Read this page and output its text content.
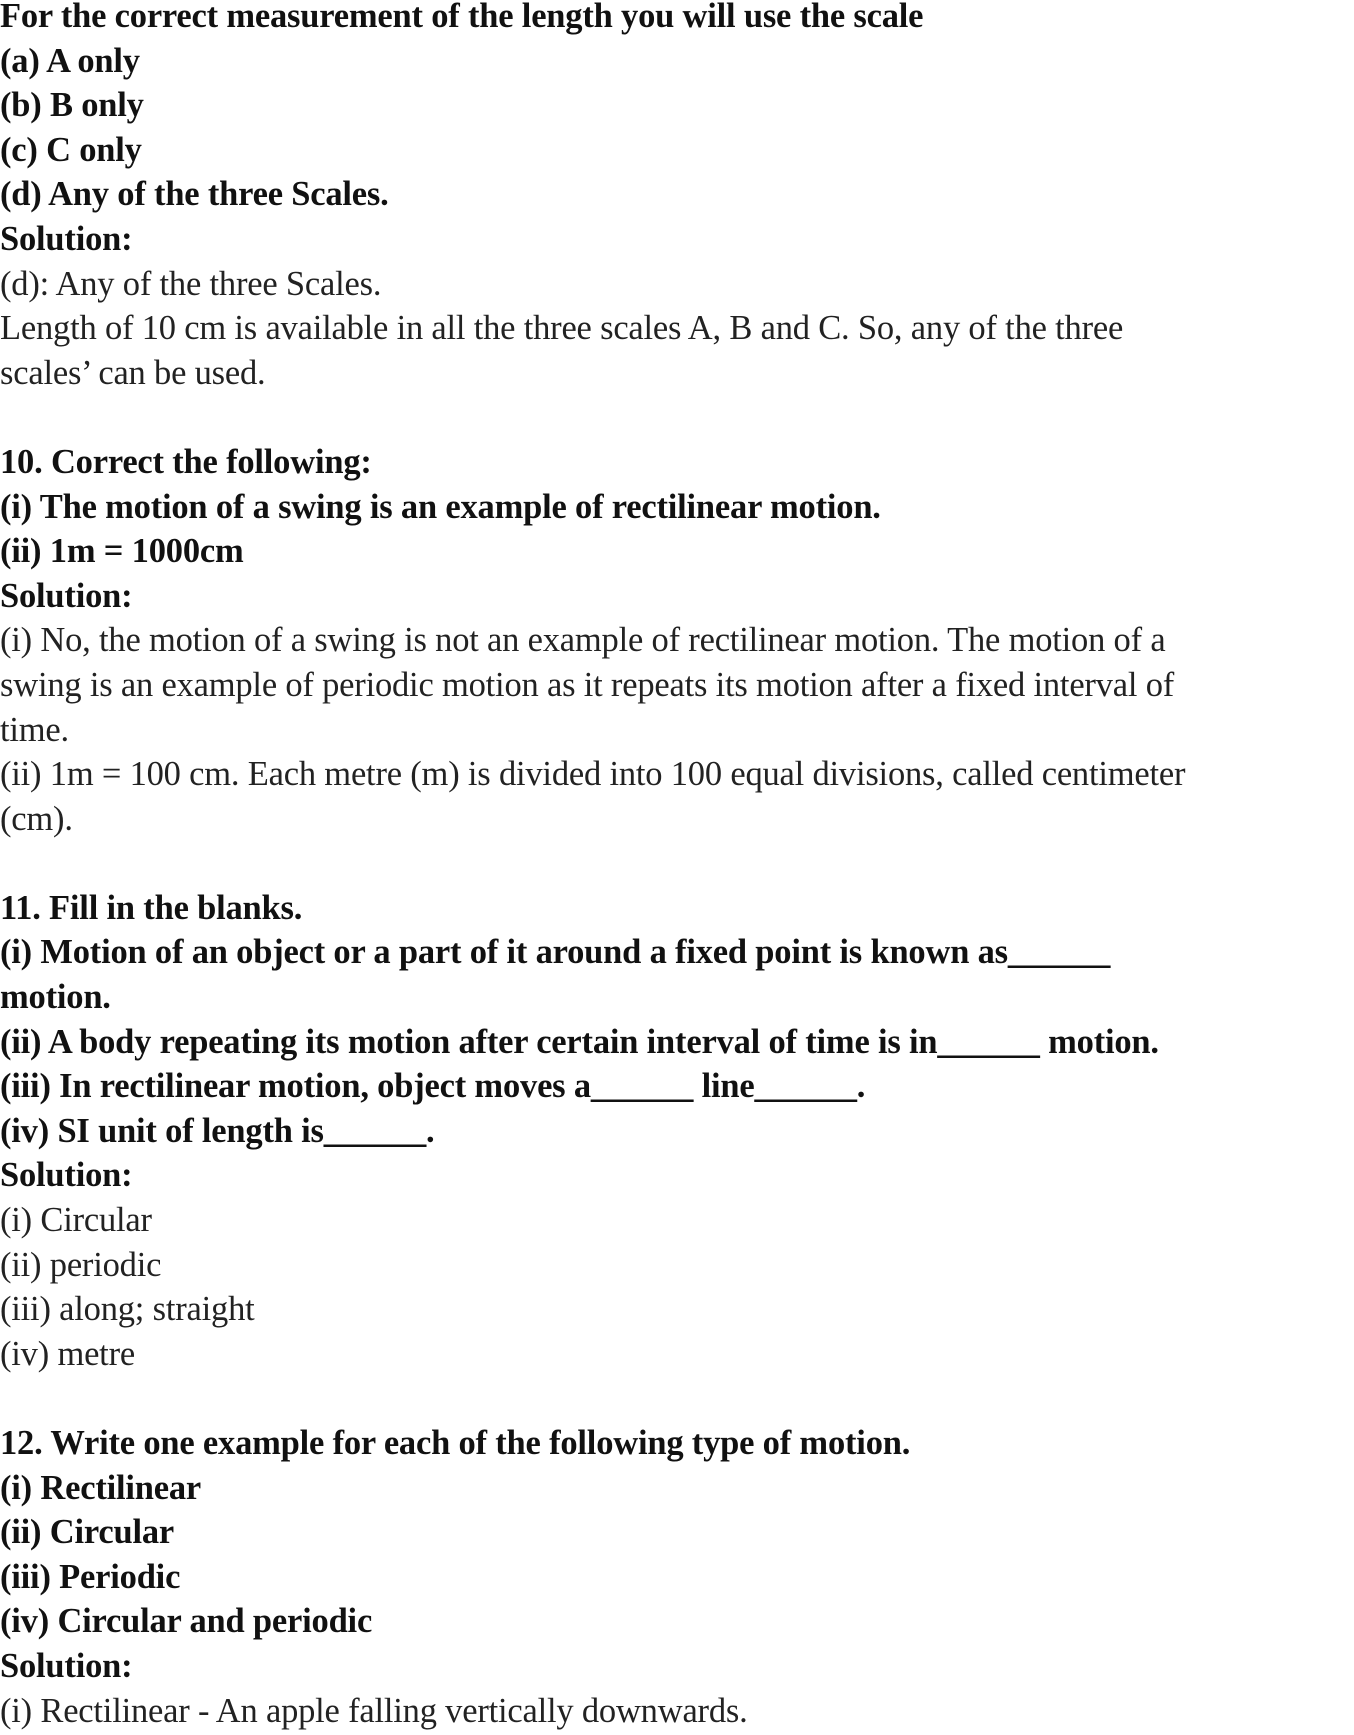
For the correct measurement of the length you will use the scale
(a) A only
(b) B only
(c) C only
(d) Any of the three Scales.
Solution:
(d): Any of the three Scales.
Length of 10 cm is available in all the three scales A, B and C. So, any of the three
scales’ can be used.
10. Correct the following:
(i) The motion of a swing is an example of rectilinear motion.
(ii) 1m = 1000cm
Solution:
(i) No, the motion of a swing is not an example of rectilinear motion. The motion of a
swing is an example of periodic motion as it repeats its motion after a fixed interval of
time.
(ii) 1m = 100 cm. Each metre (m) is divided into 100 equal divisions, called centimeter
(cm).
11. Fill in the blanks.
(i) Motion of an object or a part of it around a fixed point is known as______
motion.
(ii) A body repeating its motion after certain interval of time is in______ motion.
(iii) In rectilinear motion, object moves a______ line______.
(iv) SI unit of length is______.
Solution:
(i) Circular
(ii) periodic
(iii) along; straight
(iv) metre
12. Write one example for each of the following type of motion.
(i) Rectilinear
(ii) Circular
(iii) Periodic
(iv) Circular and periodic
Solution:
(i) Rectilinear - An apple falling vertically downwards.
